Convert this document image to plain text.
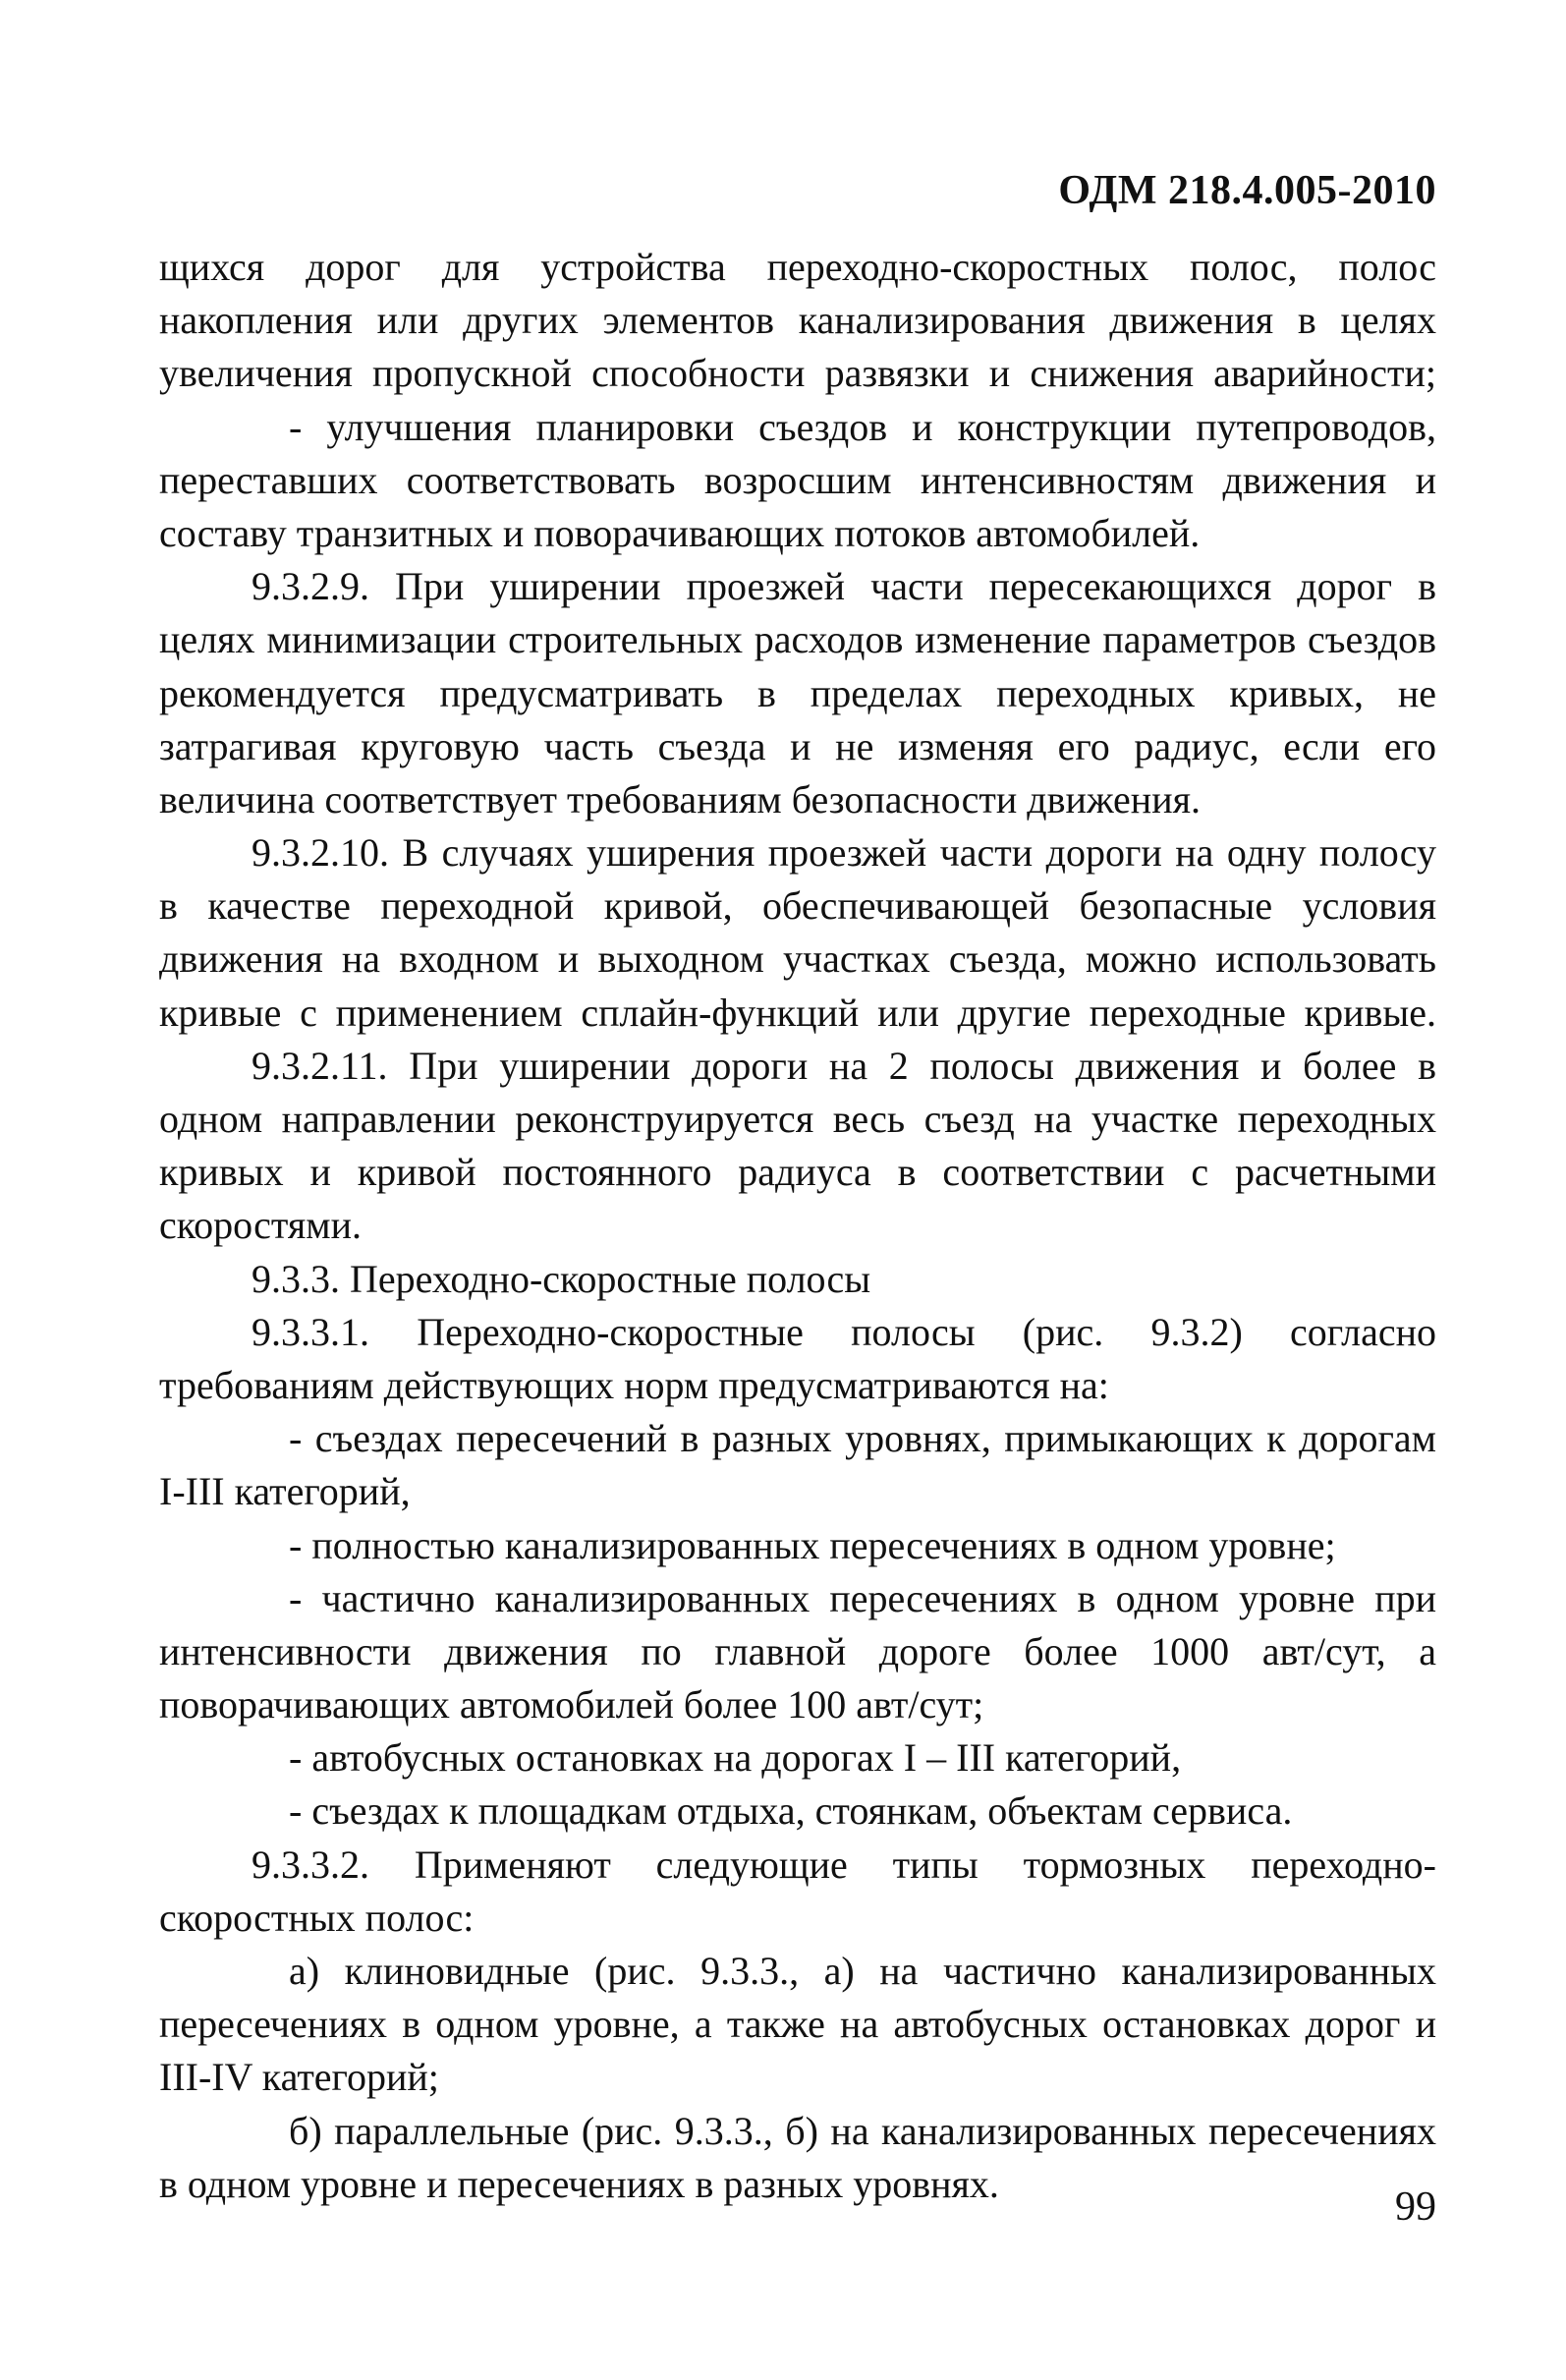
ОДМ 218.4.005-2010
щихся дорог для устройства переходно-скоростных полос, полос
накопления или других элементов канализирования движения в целях
увеличения пропускной способности развязки и снижения аварийности;
- улучшения планировки съездов и конструкции путепроводов,
переставших соответствовать возросшим интенсивностям движения и
составу транзитных и поворачивающих потоков автомобилей.
9.3.2.9. При уширении проезжей части пересекающихся дорог в
целях минимизации строительных расходов изменение параметров съездов
рекомендуется предусматривать в пределах переходных кривых, не
затрагивая круговую часть съезда и не изменяя его радиус, если его
величина соответствует требованиям безопасности движения.
9.3.2.10. В случаях уширения проезжей части дороги на одну полосу
в качестве переходной кривой, обеспечивающей безопасные условия
движения на входном и выходном участках съезда, можно использовать
кривые с применением сплайн-функций или другие переходные кривые.
9.3.2.11. При уширении дороги на 2 полосы движения и более в
одном направлении реконструируется весь съезд на участке переходных
кривых и кривой постоянного радиуса в соответствии с расчетными
скоростями.
9.3.3. Переходно-скоростные полосы
9.3.3.1. Переходно-скоростные полосы (рис. 9.3.2) согласно
требованиям действующих норм предусматриваются на:
- съездах пересечений в разных уровнях, примыкающих к дорогам
I-III категорий,
- полностью канализированных пересечениях в одном уровне;
- частично канализированных пересечениях в одном уровне при
интенсивности движения по главной дороге более 1000 авт/сут, а
поворачивающих автомобилей более 100 авт/сут;
- автобусных остановках на дорогах I – III категорий,
- съездах к площадкам отдыха, стоянкам, объектам сервиса.
9.3.3.2. Применяют следующие типы тормозных переходно-
скоростных полос:
а) клиновидные (рис. 9.3.3., а) на частично канализированных
пересечениях в одном уровне, а также на автобусных остановках дорог и
III-IV категорий;
б) параллельные (рис. 9.3.3., б) на канализированных пересечениях
в одном уровне и пересечениях в разных уровнях.
99
